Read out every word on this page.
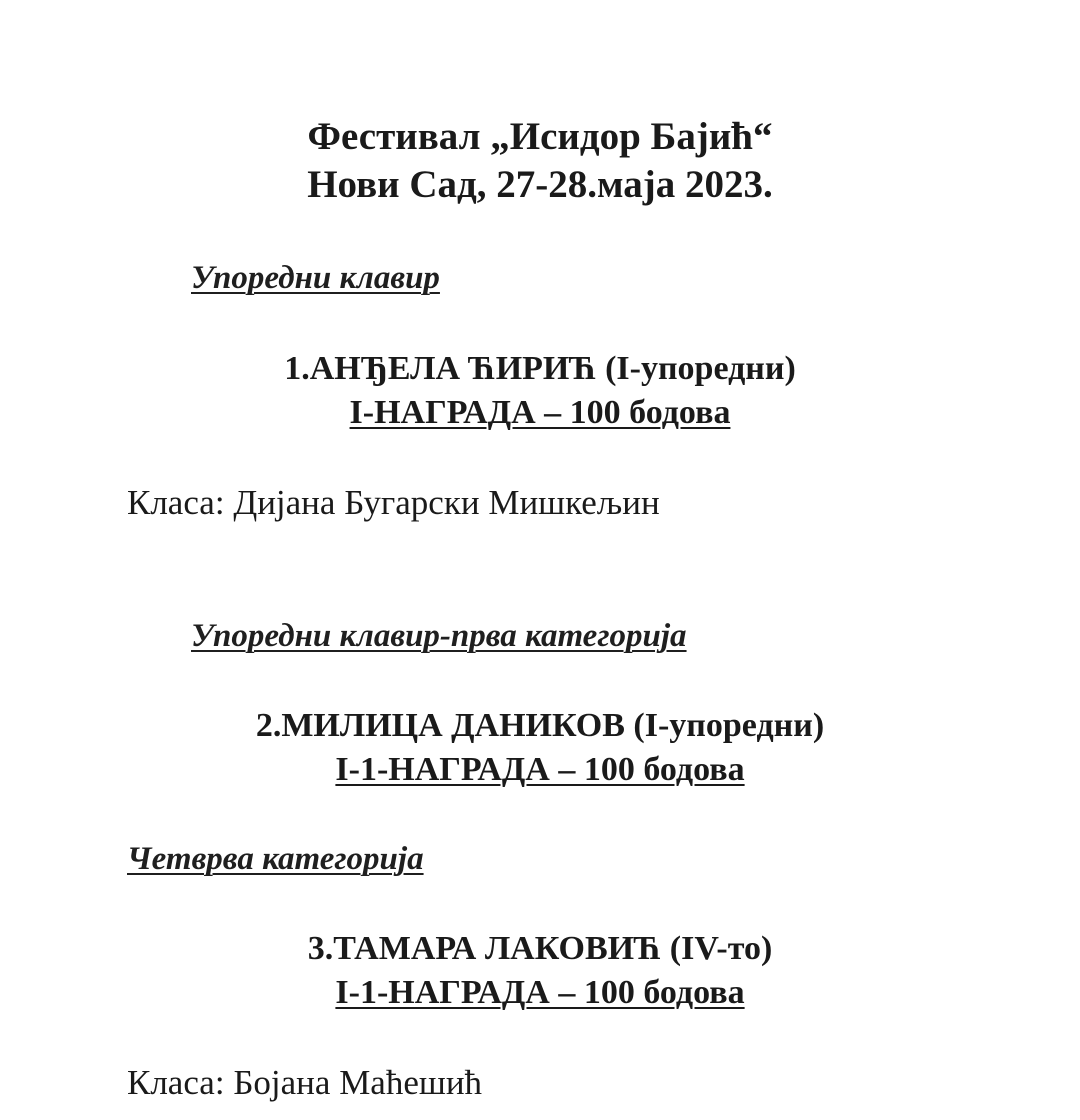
Фестивал „Исидор Бајић“
Нови Сад, 27-28.маја 2023.
Упоредни клавир
1.АНЂЕЛА ЋИРИЋ (I-упоредни)
I-НАГРАДА – 100 бодова
Класа: Дијана Бугарски Мишкељин
Упоредни клавир-прва категорија
2.МИЛИЦА ДАНИКОВ (I-упоредни)
I-1-НАГРАДА – 100 бодова
Четврва категорија
3.ТАМАРА ЛАКОВИЋ (IV-то)
I-1-НАГРАДА – 100 бодова
Класа: Бојана Маћешић
